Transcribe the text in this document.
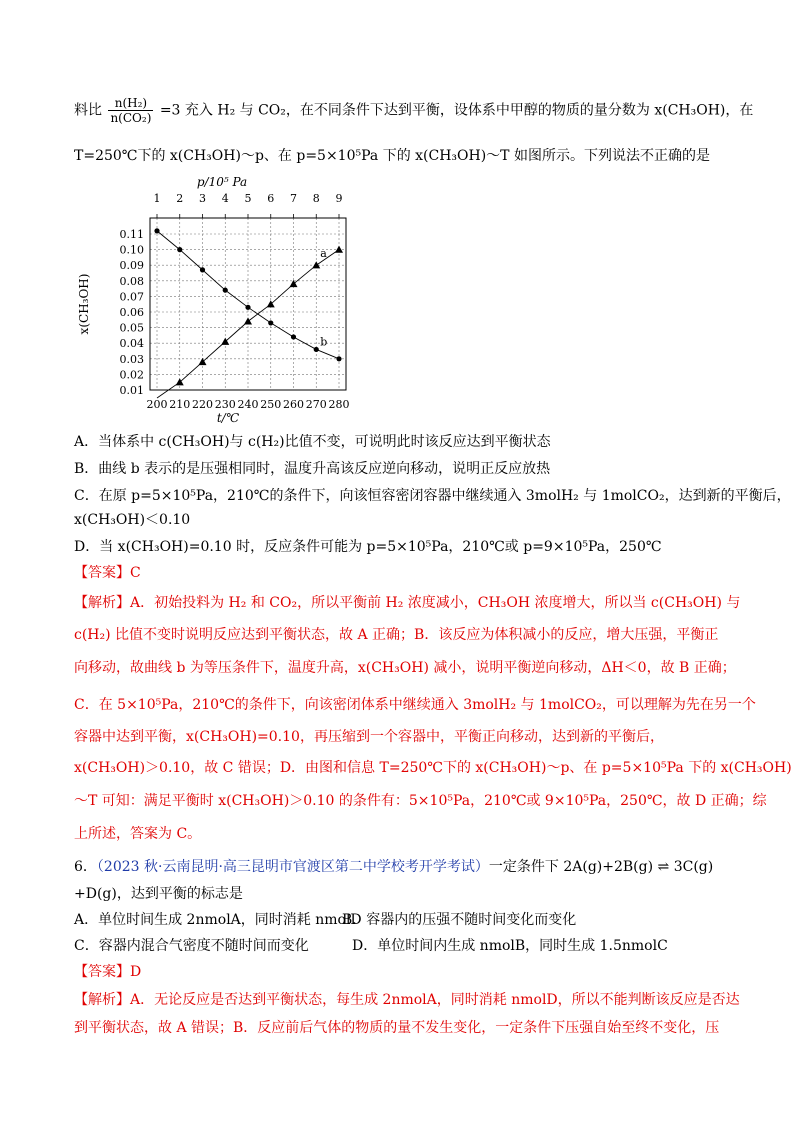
料比 $\frac{\text{n(H₂)}}{\text{n(CO₂)}} =3$ 充入 H₂ 与 CO₂，在不同条件下达到平衡，设体系中甲醇的物质的量分数为 x(CH₃OH)，在
T=250℃下的 x(CH₃OH)～p、在 p=5×10⁵Pa 下的 x(CH₃OH)～T 如图所示。下列说法不正确的是
0.01
0.02
0.03
0.04
0.05
0.06
0.07
0.08
0.09
0.10
0.11
1 2 3 4 5 6 7 8 9
200 210 220 230 240 250 260 270 280
p/10⁵ Pa
t/℃
x(CH₃OH)
a
b
A．当体系中 c(CH₃OH)与 c(H₂)比值不变，可说明此时该反应达到平衡状态
B．曲线 b 表示的是压强相同时，温度升高该反应逆向移动，说明正反应放热
C．在原 p=5×10⁵Pa，210℃的条件下，向该恒容密闭容器中继续通入 3molH₂ 与 1molCO₂，达到新的平衡后，
x(CH₃OH)＜0.10
D．当 x(CH₃OH)=0.10 时，反应条件可能为 p=5×10⁵Pa，210℃或 p=9×10⁵Pa，250℃
【答案】C
【解析】A．初始投料为 H₂ 和 CO₂，所以平衡前 H₂ 浓度减小，CH₃OH 浓度增大，所以当 c(CH₃OH) 与
c(H₂) 比值不变时说明反应达到平衡状态，故 A 正确；B．该反应为体积减小的反应，增大压强，平衡正
向移动，故曲线 b 为等压条件下，温度升高，x(CH₃OH) 减小，说明平衡逆向移动，ΔH＜0，故 B 正确；
C．在 5×10⁵Pa，210℃的条件下，向该密闭体系中继续通入 3molH₂ 与 1molCO₂，可以理解为先在另一个
容器中达到平衡，x(CH₃OH)=0.10，再压缩到一个容器中，平衡正向移动，达到新的平衡后，
x(CH₃OH)＞0.10，故 C 错误；D．由图和信息 T=250℃下的 x(CH₃OH)～p、在 p=5×10⁵Pa 下的 x(CH₃OH)
～T 可知：满足平衡时 x(CH₃OH)＞0.10 的条件有：5×10⁵Pa，210℃或 9×10⁵Pa，250℃，故 D 正确；综
上所述，答案为 C。
6．（2023 秋·云南昆明·高三昆明市官渡区第二中学校考开学考试）一定条件下 2A(g)+2B(g) ⇌ 3C(g)
+D(g)，达到平衡的标志是
A．单位时间生成 2nmolA，同时消耗 nmolD
B．容器内的压强不随时间变化而变化
C．容器内混合气密度不随时间而变化	D．单位时间内生成 nmolB，同时生成 1.5nmolC
【答案】D
【解析】A．无论反应是否达到平衡状态，每生成 2nmolA，同时消耗 nmolD，所以不能判断该反应是否达
到平衡状态，故 A 错误；B．反应前后气体的物质的量不发生变化，一定条件下压强自始至终不变化，压
